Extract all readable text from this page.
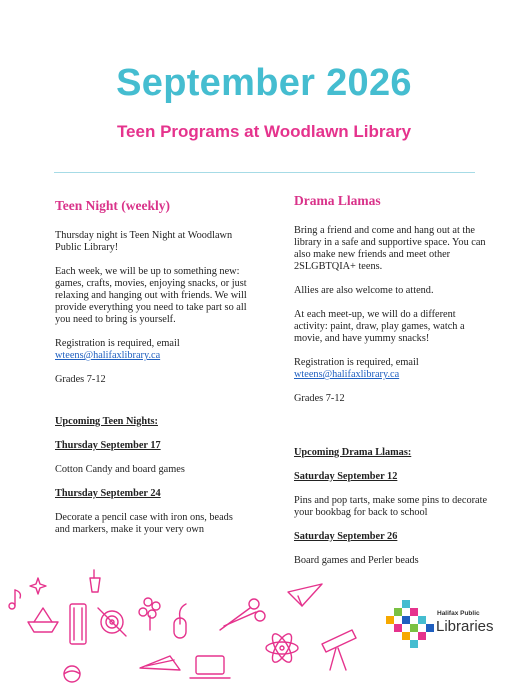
September 2026
Teen Programs at Woodlawn Library
Teen Night (weekly)

Thursday night is Teen Night at Woodlawn Public Library!

Each week, we will be up to something new: games, crafts, movies, enjoying snacks, or just relaxing and hanging out with friends. We will provide everything you need to take part so all you need to bring is yourself.

Registration is required, email
wteens@halifaxlibrary.ca

Grades 7-12

Upcoming Teen Nights:

Thursday September 17

Cotton Candy and board games

Thursday September 24

Decorate a pencil case with iron ons, beads and markers, make it your very own

Drama Llamas

Bring a friend and come and hang out at the library in a safe and supportive space. You can also make new friends and meet other 2SLGBTQIA+ teens.

Allies are also welcome to attend.

At each meet-up, we will do a different activity: paint, draw, play games, watch a movie, and have yummy snacks!

Registration is required, email
wteens@halifaxlibrary.ca

Grades 7-12

Upcoming Drama Llamas:

Saturday September 12

Pins and pop tarts, make some pins to decorate your bookbag for back to school

Saturday September 26

Board games and Perler beads

Halifax Public
Libraries
